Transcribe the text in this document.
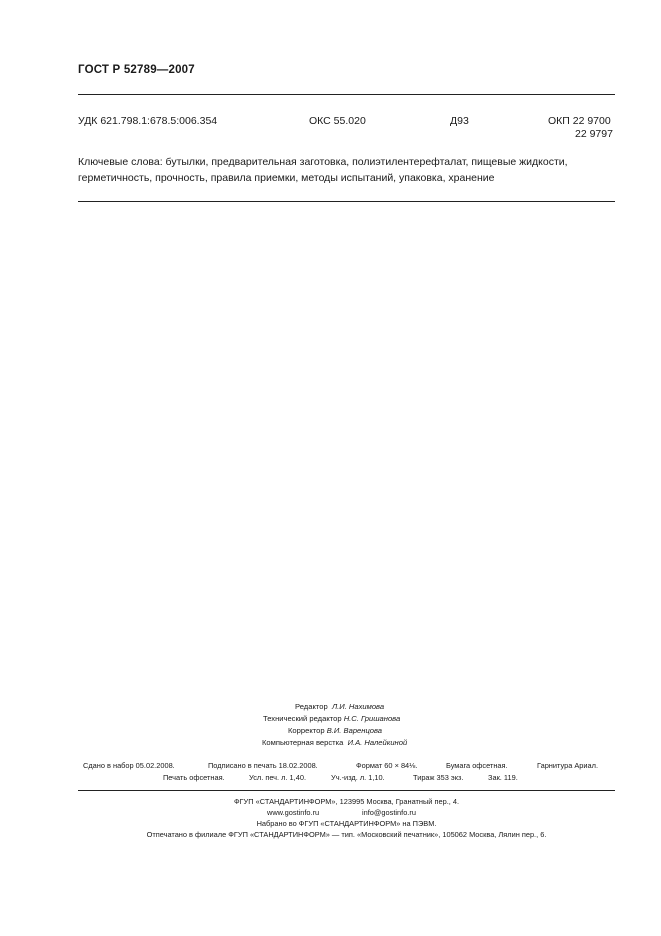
ГОСТ Р 52789—2007
УДК 621.798.1:678.5:006.354	ОКС 55.020	Д93	ОКП 22 9700
22 9797
Ключевые слова: бутылки, предварительная заготовка, полиэтилентерефталат, пищевые жидкости,
герметичность, прочность, правила приемки, методы испытаний, упаковка, хранение
Редактор Л.И. Нахимова
Технический редактор Н.С. Гришанова
Корректор В.И. Варенцова
Компьютерная верстка И.А. Налейкиной
Сдано в набор 05.02.2008.	Подписано в печать 18.02.2008.	Формат 60 × 84⅛.	Бумага офсетная.	Гарнитура Ариал.
Печать офсетная.	Усл. печ. л. 1,40.	Уч.-изд. л. 1,10.	Тираж 353 экз.	Зак. 119.
ФГУП «СТАНДАРТИНФОРМ», 123995 Москва, Гранатный пер., 4.
www.gostinfo.ru	info@gostinfo.ru
Набрано во ФГУП «СТАНДАРТИНФОРМ» на ПЭВМ.
Отпечатано в филиале ФГУП «СТАНДАРТИНФОРМ» — тип. «Московский печатник», 105062 Москва, Лялин пер., 6.
